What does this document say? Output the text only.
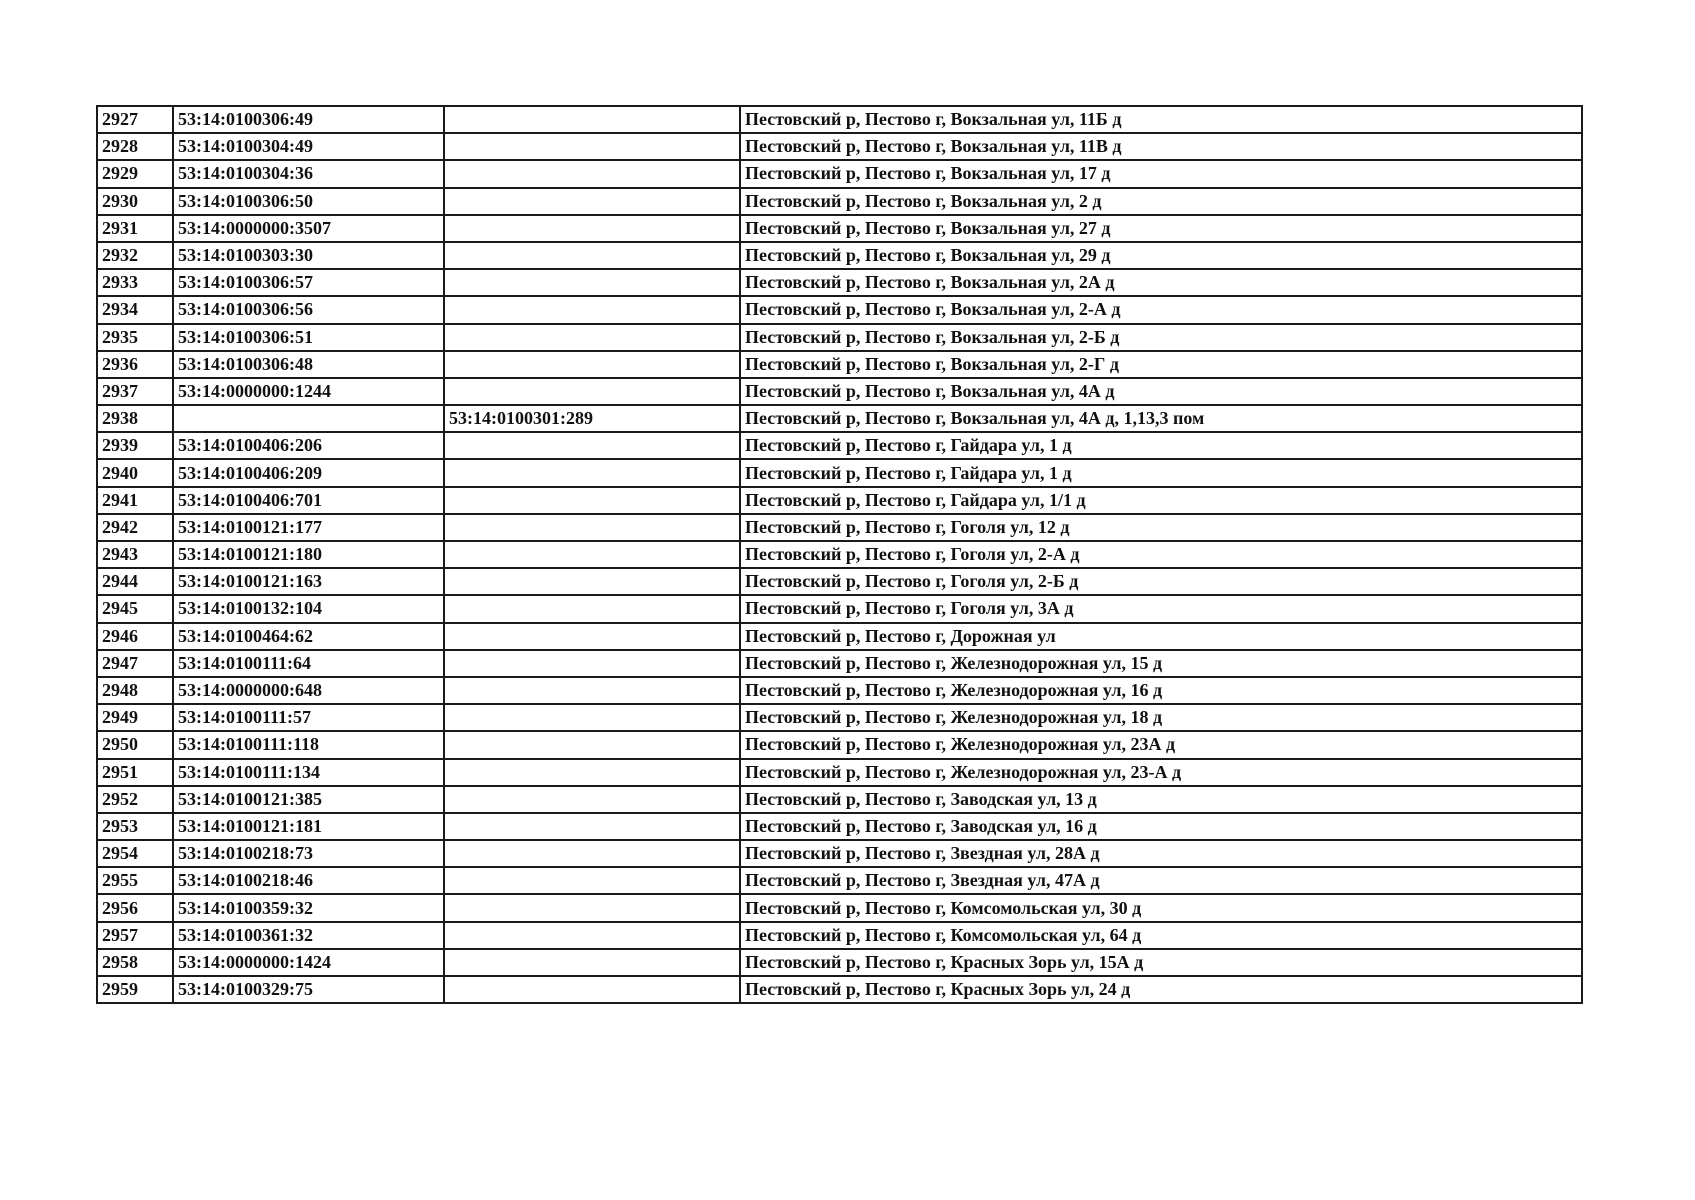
2927	53:14:0100306:49		Пестовский р, Пестово г, Вокзальная ул, 11Б д
2928	53:14:0100304:49		Пестовский р, Пестово г, Вокзальная ул, 11В д
2929	53:14:0100304:36		Пестовский р, Пестово г, Вокзальная ул, 17 д
2930	53:14:0100306:50		Пестовский р, Пестово г, Вокзальная ул, 2 д
2931	53:14:0000000:3507		Пестовский р, Пестово г, Вокзальная ул, 27 д
2932	53:14:0100303:30		Пестовский р, Пестово г, Вокзальная ул, 29 д
2933	53:14:0100306:57		Пестовский р, Пестово г, Вокзальная ул, 2А д
2934	53:14:0100306:56		Пестовский р, Пестово г, Вокзальная ул, 2-А д
2935	53:14:0100306:51		Пестовский р, Пестово г, Вокзальная ул, 2-Б д
2936	53:14:0100306:48		Пестовский р, Пестово г, Вокзальная ул, 2-Г д
2937	53:14:0000000:1244		Пестовский р, Пестово г, Вокзальная ул, 4А д
2938		53:14:0100301:289	Пестовский р, Пестово г, Вокзальная ул, 4А д, 1,13,3 пом
2939	53:14:0100406:206		Пестовский р, Пестово г, Гайдара ул, 1 д
2940	53:14:0100406:209		Пестовский р, Пестово г, Гайдара ул, 1 д
2941	53:14:0100406:701		Пестовский р, Пестово г, Гайдара ул, 1/1 д
2942	53:14:0100121:177		Пестовский р, Пестово г, Гоголя ул, 12 д
2943	53:14:0100121:180		Пестовский р, Пестово г, Гоголя ул, 2-А д
2944	53:14:0100121:163		Пестовский р, Пестово г, Гоголя ул, 2-Б д
2945	53:14:0100132:104		Пестовский р, Пестово г, Гоголя ул, 3А д
2946	53:14:0100464:62		Пестовский р, Пестово г, Дорожная ул
2947	53:14:0100111:64		Пестовский р, Пестово г, Железнодорожная ул, 15 д
2948	53:14:0000000:648		Пестовский р, Пестово г, Железнодорожная ул, 16 д
2949	53:14:0100111:57		Пестовский р, Пестово г, Железнодорожная ул, 18 д
2950	53:14:0100111:118		Пестовский р, Пестово г, Железнодорожная ул, 23А д
2951	53:14:0100111:134		Пестовский р, Пестово г, Железнодорожная ул, 23-А д
2952	53:14:0100121:385		Пестовский р, Пестово г, Заводская ул, 13 д
2953	53:14:0100121:181		Пестовский р, Пестово г, Заводская ул, 16 д
2954	53:14:0100218:73		Пестовский р, Пестово г, Звездная ул, 28А д
2955	53:14:0100218:46		Пестовский р, Пестово г, Звездная ул, 47А д
2956	53:14:0100359:32		Пестовский р, Пестово г, Комсомольская ул, 30 д
2957	53:14:0100361:32		Пестовский р, Пестово г, Комсомольская ул, 64 д
2958	53:14:0000000:1424		Пестовский р, Пестово г, Красных Зорь ул, 15А д
2959	53:14:0100329:75		Пестовский р, Пестово г, Красных Зорь ул, 24 д
